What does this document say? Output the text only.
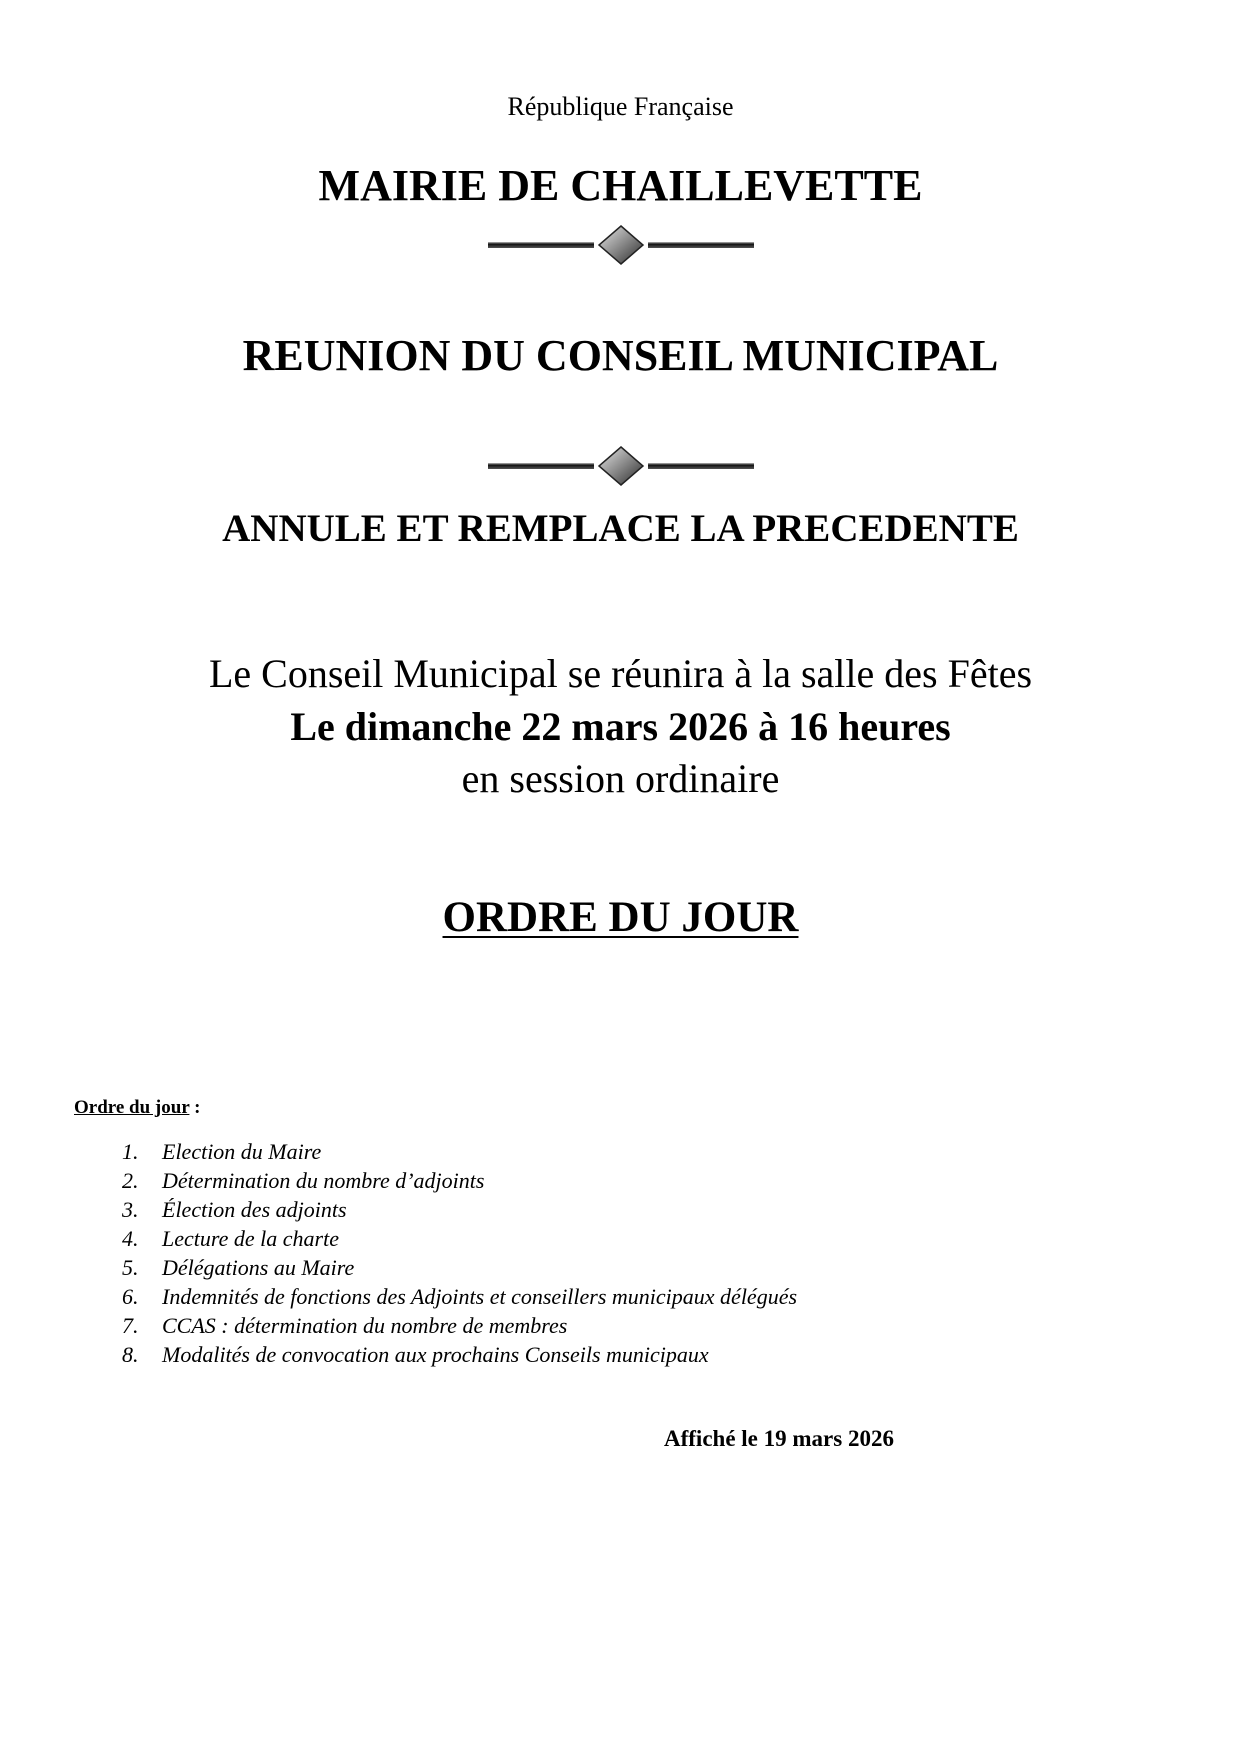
République Française
MAIRIE DE CHAILLEVETTE
REUNION DU CONSEIL MUNICIPAL
ANNULE ET REMPLACE LA PRECEDENTE
Le Conseil Municipal se réunira à la salle des Fêtes
Le dimanche 22 mars 2026 à 16 heures
en session ordinaire
ORDRE DU JOUR
Ordre du jour :
1.	Election du Maire
2.	Détermination du nombre d’adjoints
3.	Élection des adjoints
4.	Lecture de la charte
5.	Délégations au Maire
6.	Indemnités de fonctions des Adjoints et conseillers municipaux délégués
7.	CCAS : détermination du nombre de membres
8.	Modalités de convocation aux prochains Conseils municipaux
Affiché le 19 mars 2026
